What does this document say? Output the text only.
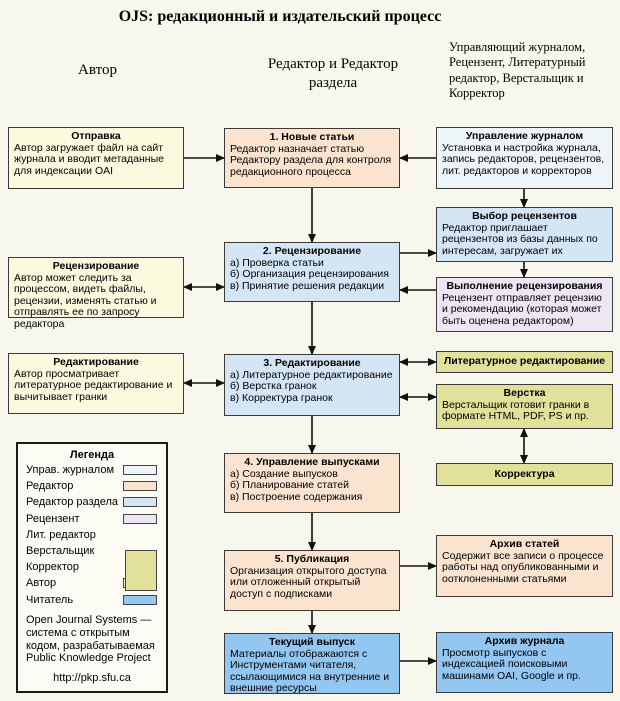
OJS: редакционный и издательский процесс
Автор	Редактор и Редактор раздела
Управляющий журналом, Рецензент, Литературный редактор, Верстальщик и Корректор
Отправка
Автор загружает файл на сайт журнала и вводит метаданные для индексации OAI
Рецензирование
Автор может следить за процессом, видеть файлы, рецензии, изменять статью и отправлять ее по запросу редактора
Редактирование
Автор просматривает литературное редактирование и вычитывает гранки
1. Новые статьи
Редактор назначает статью Редактору раздела для контроля редакционного процесса
2. Рецензирование
а) Проверка статьи
б) Организация рецензирования
в) Принятие решения редакции
3. Редактирование
а) Литературное редактирование
б) Верстка гранок
в) Корректура гранок
4. Управление выпусками
а) Создание выпусков
б) Планирование статей
в) Построение содержания
5. Публикация
Организация открытого доступа или отложенный открытый доступ с подписками
Текущий выпуск
Материалы отображаются с Инструментами читателя, ссылающимися на внутренние и внешние ресурсы
Управление журналом
Установка и настройка журнала, запись редакторов, рецензентов, лит. редакторов и корректоров
Выбор рецензентов
Редактор приглашает рецензентов из базы данных по интересам, загружает их
Выполнение рецензирования
Рецензент отправляет рецензию и рекомендацию (которая может быть оценена редактором)
Литературное редактирование
Верстка
Верстальщик готовит гранки в формате HTML, PDF, PS и пр.
Корректура
Архив статей
Содержит все записи о процессе работы над опубликованными и оотклоненными статьями
Архив журнала
Просмотр выпусков с индексацией поисковыми машинами OAI, Google и пр.
Легенда
Управ. журналом
Редактор
Редактор раздела
Рецензент
Лит. редактор
Верстальщик
Корректор
Автор
Читатель
Open Journal Systems — система с открытым кодом, разрабатываемая Public Knowledge Project
http://pkp.sfu.ca
